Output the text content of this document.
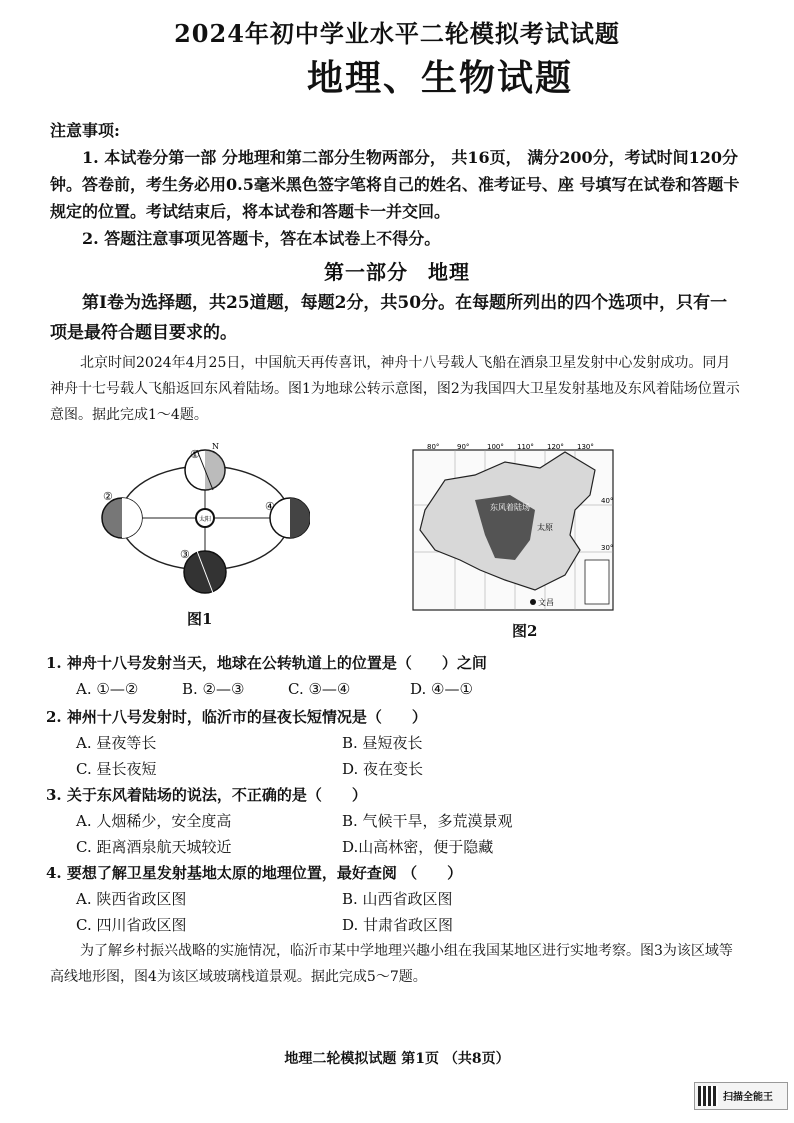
2024年初中学业水平二轮模拟考试试题
地理、生物试题
注意事项:

1. 本试卷分第一部 分地理和第二部分生物两部分， 共16页， 满分200分，考试时间120分钟。答卷前，考生务必用0.5毫米黑色签字笔将自己的姓名、准考证号、座 号填写在试卷和答题卡规定的位置。考试结束后，将本试卷和答题卡一并交回。

2. 答题注意事项见答题卡，答在本试卷上不得分。

第一部分 地理
第Ⅰ卷为选择题，共25道题，每题2分，共50分。在每题所列出的四个选项中，只有一项是最符合题目要求的。
北京时间2024年4月25日，中国航天再传喜讯，神舟十八号载人飞船在酒泉卫星发射中心发射成功。同月神舟十七号载人飞船返回东风着陆场。图1为地球公转示意图，图2为我国四大卫星发射基地及东风着陆场位置示意图。据此完成1～4题。
太阳
①
②
③
④
N
图1
80°	90°	100° 110° 120° 130°
40°
30°
东风着陆场
太原
文昌
图2
1. 神舟十八号发射当天，地球在公转轨道上的位置是（　　）之间
A. ①—②	B. ②—③	C. ③—④	D. ④—①
2. 神州十八号发射时，临沂市的昼夜长短情况是（　　）
A. 昼夜等长	B. 昼短夜长
C. 昼长夜短	D. 夜在变长
3. 关于东风着陆场的说法，不正确的是（　　）
A. 人烟稀少，安全度高	B. 气候干旱，多荒漠景观
C. 距离酒泉航天城较近	D.山高林密，便于隐藏
4. 要想了解卫星发射基地太原的地理位置，最好查阅 （　　）
A. 陕西省政区图	B. 山西省政区图
C. 四川省政区图	D. 甘肃省政区图
为了解乡村振兴战略的实施情况，临沂市某中学地理兴趣小组在我国某地区进行实地考察。图3为该区域等高线地形图，图4为该区域玻璃栈道景观。据此完成5～7题。
地理二轮模拟试题 第1页 （共8页）
扫描全能王
